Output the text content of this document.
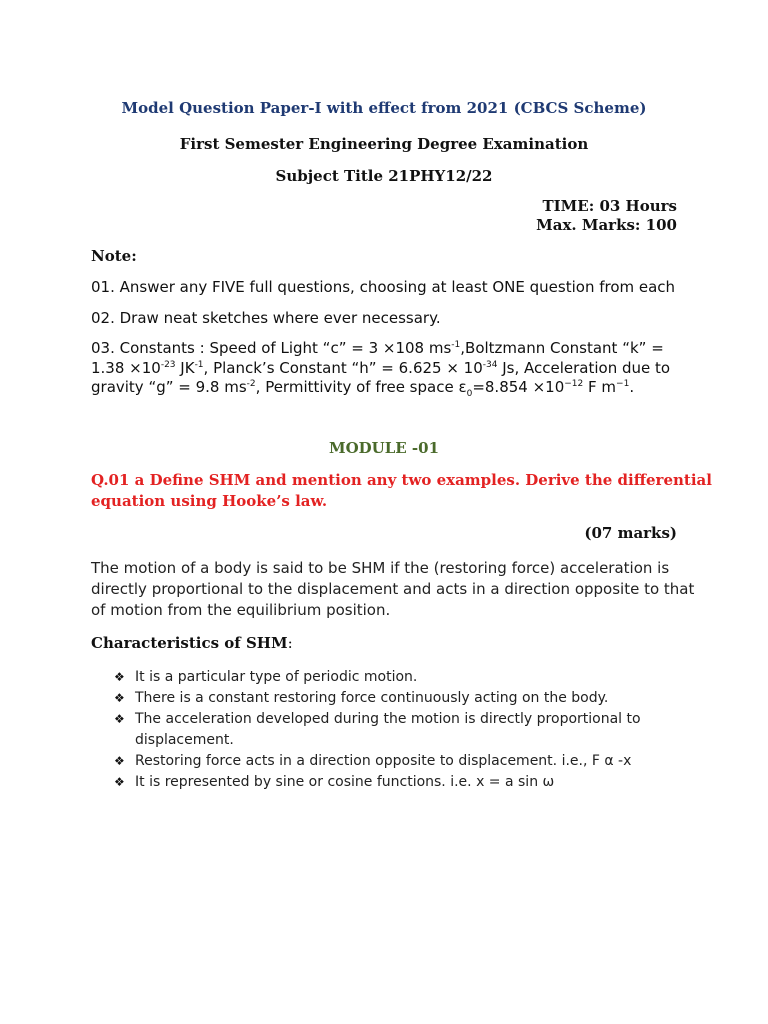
Model Question Paper-I with effect from 2021 (CBCS Scheme)
First Semester Engineering Degree Examination
Subject Title 21PHY12/22
TIME: 03 Hours
Max. Marks: 100
Note:
01. Answer any FIVE full questions, choosing at least ONE question from each
02. Draw neat sketches where ever necessary.
03. Constants : Speed of Light “c” = 3 ×108 $ms^{-1},Boltzmann$ Constant “k” =
$1.38 \times 10^{-23}$ $JK^{-1}$, Planck’s Constant “h” = $6.625 \times 10^{-34}$ Js, Acceleration due to
gravity “g” = 9.8 $ms^{-2}$, Permittivity of free space $\varepsilon_0=8.854 \times 10^{-12}$ F $m^{-1}$.
MODULE -01
Q.01 a Define SHM and mention any two examples. Derive the differential
equation using Hooke’s law.
(07 marks)
The motion of a body is said to be SHM if the (restoring force) acceleration is
directly proportional to the displacement and acts in a direction opposite to that
of motion from the equilibrium position.
Characteristics of SHM:
❖ It is a particular type of periodic motion.
❖ There is a constant restoring force continuously acting on the body.
❖ The acceleration developed during the motion is directly proportional to displacement.
❖ Restoring force acts in a direction opposite to displacement. i.e., F α -x
❖ It is represented by sine or cosine functions. i.e. x = a sin ω
